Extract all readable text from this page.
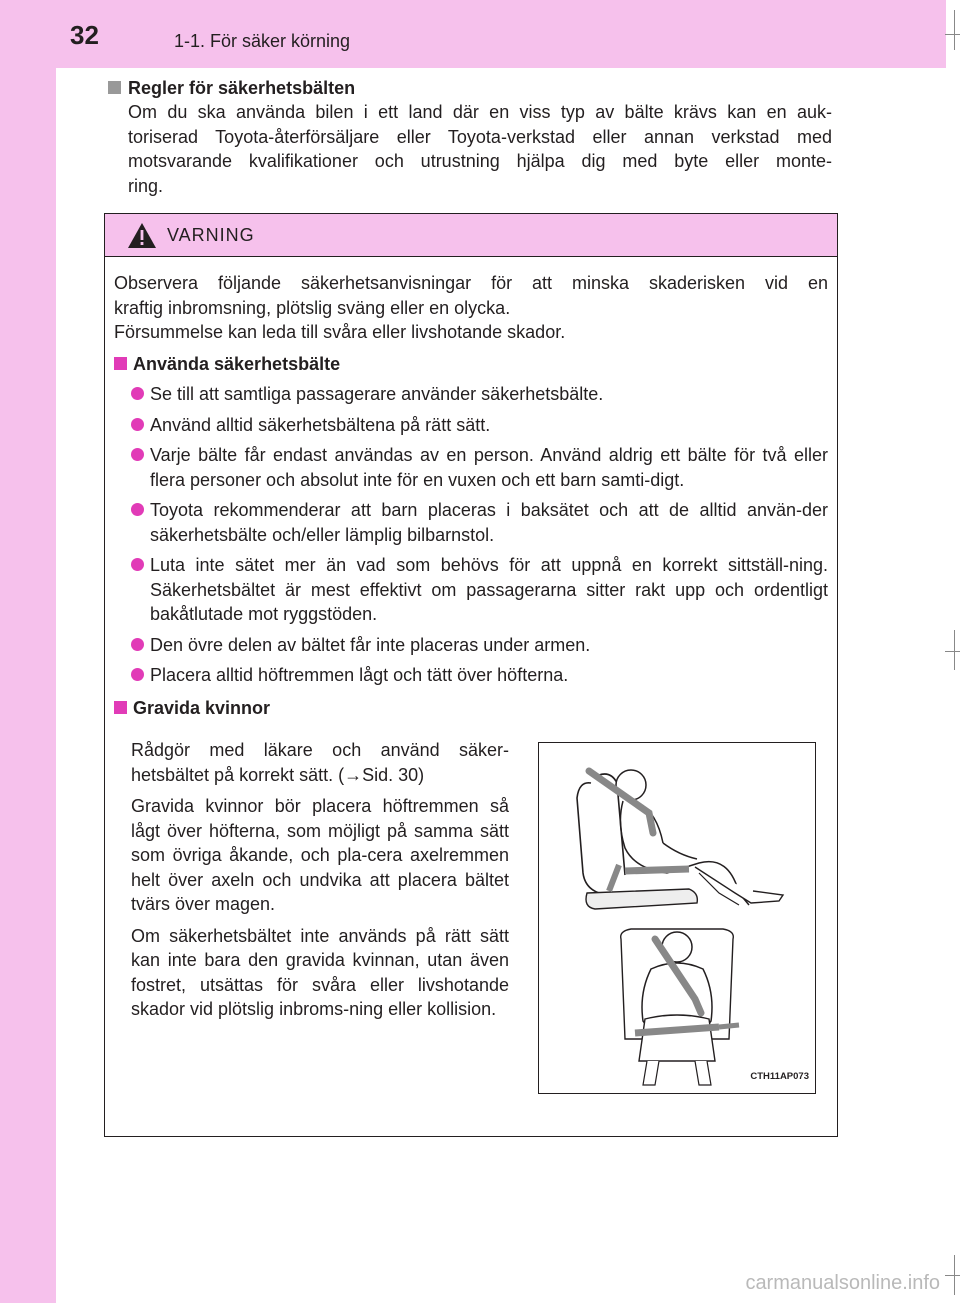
32	1-1. För säker körning
Regler för säkerhetsbälten
Om du ska använda bilen i ett land där en viss typ av bälte krävs kan en auk-
toriserad Toyota-återförsäljare eller Toyota-verkstad eller annan verkstad med
motsvarande kvalifikationer och utrustning hjälpa dig med byte eller monte-
ring.
VARNING
Observera följande säkerhetsanvisningar för att minska skaderisken vid en
kraftig inbromsning, plötslig sväng eller en olycka.
Försummelse kan leda till svåra eller livshotande skador.
Använda säkerhetsbälte
Se till att samtliga passagerare använder säkerhetsbälte.
Använd alltid säkerhetsbältena på rätt sätt.
Varje bälte får endast användas av en person. Använd aldrig ett bälte för två eller flera personer och absolut inte för en vuxen och ett barn samti-digt.
Toyota rekommenderar att barn placeras i baksätet och att de alltid använ-der säkerhetsbälte och/eller lämplig bilbarnstol.
Luta inte sätet mer än vad som behövs för att uppnå en korrekt sittställ-ning. Säkerhetsbältet är mest effektivt om passagerarna sitter rakt upp och ordentligt bakåtlutade mot ryggstöden.
Den övre delen av bältet får inte placeras under armen.
Placera alltid höftremmen lågt och tätt över höfterna.
Gravida kvinnor

Rådgör med läkare och använd säker-hetsbältet på korrekt sätt. (→Sid. 30)

Gravida kvinnor bör placera höftremmen så lågt över höfterna, som möjligt på samma sätt som övriga åkande, och pla-cera axelremmen helt över axeln och undvika att placera bältet tvärs över magen.

Om säkerhetsbältet inte används på rätt sätt kan inte bara den gravida kvinnan, utan även fostret, utsättas för svåra eller livshotande skador vid plötslig inbroms-ning eller kollision.

CTH11AP073
carmanualsonline.info
